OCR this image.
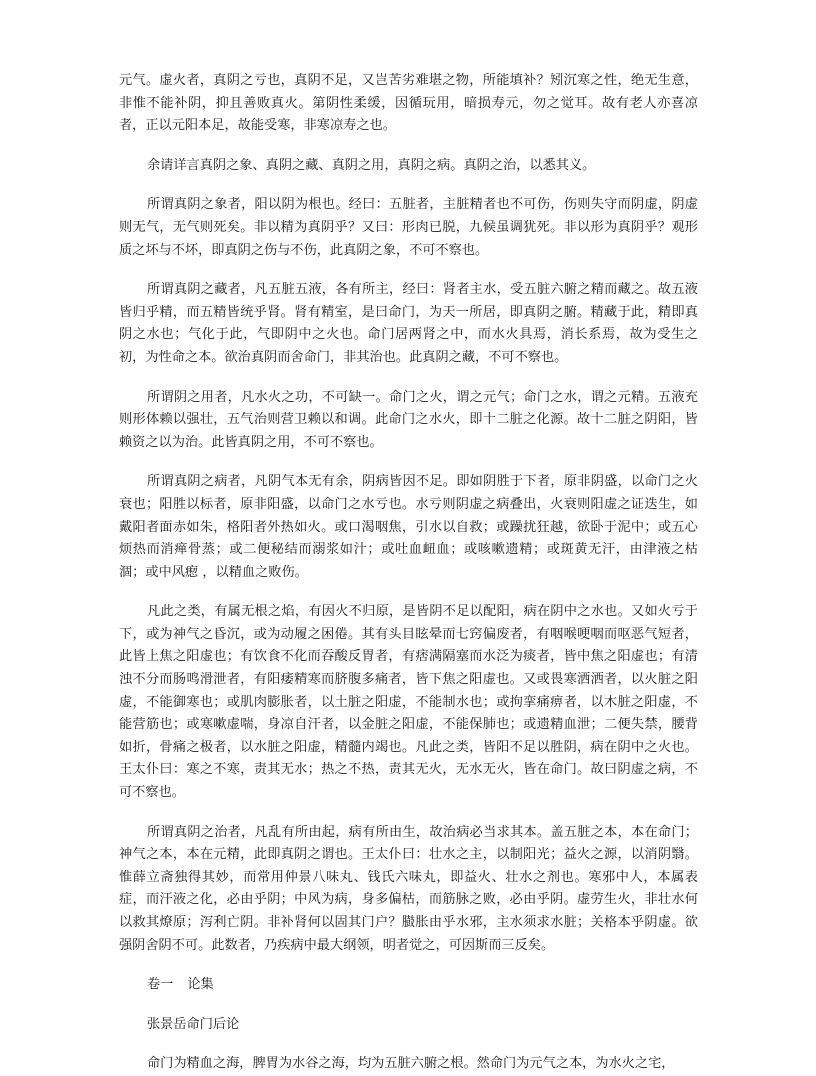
元气。虚火者，真阴之亏也，真阴不足，又岂苦劣难堪之物，所能填补？矧沉寒之性，绝无生意，非惟不能补阴，抑且善败真火。第阴性柔缓，因循玩用，暗损寿元，勿之觉耳。故有老人亦喜凉者，正以元阳本足，故能受寒，非寒凉寿之也。

余请详言真阴之象、真阴之藏、真阴之用，真阴之病。真阴之治，以悉其义。

所谓真阴之象者，阳以阴为根也。经曰：五脏者，主脏精者也不可伤，伤则失守而阴虚，阴虚则无气，无气则死矣。非以精为真阴乎？又曰：形肉已脱，九候虽调犹死。非以形为真阴乎？观形质之坏与不坏，即真阴之伤与不伤，此真阴之象，不可不察也。

所谓真阴之藏者，凡五脏五液，各有所主，经曰：肾者主水，受五脏六腑之精而藏之。故五液皆归乎精，而五精皆统乎肾。肾有精室，是曰命门，为天一所居，即真阴之腑。精藏于此，精即真阴之水也；气化于此，气即阴中之火也。命门居两肾之中，而水火具焉，消长系焉，故为受生之初，为性命之本。欲治真阴而舍命门，非其治也。此真阴之藏，不可不察也。

所谓阴之用者，凡水火之功，不可缺一。命门之火，谓之元气；命门之水，谓之元精。五液充则形体赖以强壮，五气治则营卫赖以和调。此命门之水火，即十二脏之化源。故十二脏之阴阳，皆赖资之以为治。此皆真阴之用，不可不察也。

所谓真阴之病者，凡阴气本无有余，阴病皆因不足。即如阴胜于下者，原非阴盛，以命门之火衰也；阳胜以标者，原非阳盛，以命门之水亏也。水亏则阴虚之病叠出，火衰则阳虚之证迭生，如戴阳者面赤如朱，格阳者外热如火。或口渴咽焦，引水以自救；或躁扰狂越，欲卧于泥中；或五心烦热而消瘅骨蒸；或二便秘结而溺浆如汁；或吐血衄血；或咳嗽遗精；或斑黄无汗，由津液之枯涸；或中风瘛 ，以精血之败伤。

凡此之类，有属无根之焰，有因火不归原，是皆阴不足以配阳，病在阴中之水也。又如火亏于下，或为神气之昏沉，或为动履之困倦。其有头目眩晕而七窍偏废者，有咽喉哽咽而呕恶气短者，此皆上焦之阳虚也；有饮食不化而吞酸反胃者，有痞满隔塞而水泛为痰者，皆中焦之阳虚也；有清浊不分而肠鸣滑泄者，有阳痿精寒而脐腹多痛者，皆下焦之阳虚也。又或畏寒洒洒者，以火脏之阳虚，不能御寒也；或肌肉膨胀者，以土脏之阳虚，不能制水也；或拘挛痛痹者，以木脏之阳虚，不能营筋也；或寒嗽虚喘，身凉自汗者，以金脏之阳虚，不能保肺也；或遗精血泄；二便失禁，腰背如折，骨痛之极者，以水脏之阳虚，精髓内竭也。凡此之类，皆阳不足以胜阴，病在阴中之火也。王太仆曰：寒之不寒，责其无水；热之不热，责其无火，无水无火，皆在命门。故曰阴虚之病，不可不察也。

所谓真阴之治者，凡乱有所由起，病有所由生，故治病必当求其本。盖五脏之本，本在命门；神气之本，本在元精，此即真阴之谓也。王太仆曰：壮水之主，以制阳光；益火之源，以消阴翳。惟薛立斋独得其妙，而常用仲景八味丸、钱氏六味丸，即益火、壮水之剂也。寒邪中人，本属表症，而汗液之化，必由乎阴；中风为病，身多偏枯，而筋脉之败，必由乎阴。虚劳生火，非壮水何以救其燎原；泻利亡阴。非补肾何以固其门户？臌胀由乎水邪，主水须求水脏；关格本乎阴虚。欲强阴舍阴不可。此数者，乃疾病中最大纲领，明者觉之，可因斯而三反矣。

卷一 论集

张景岳命门后论

命门为精血之海，脾胃为水谷之海，均为五脏六腑之根。然命门为元气之本，为水火之宅，
